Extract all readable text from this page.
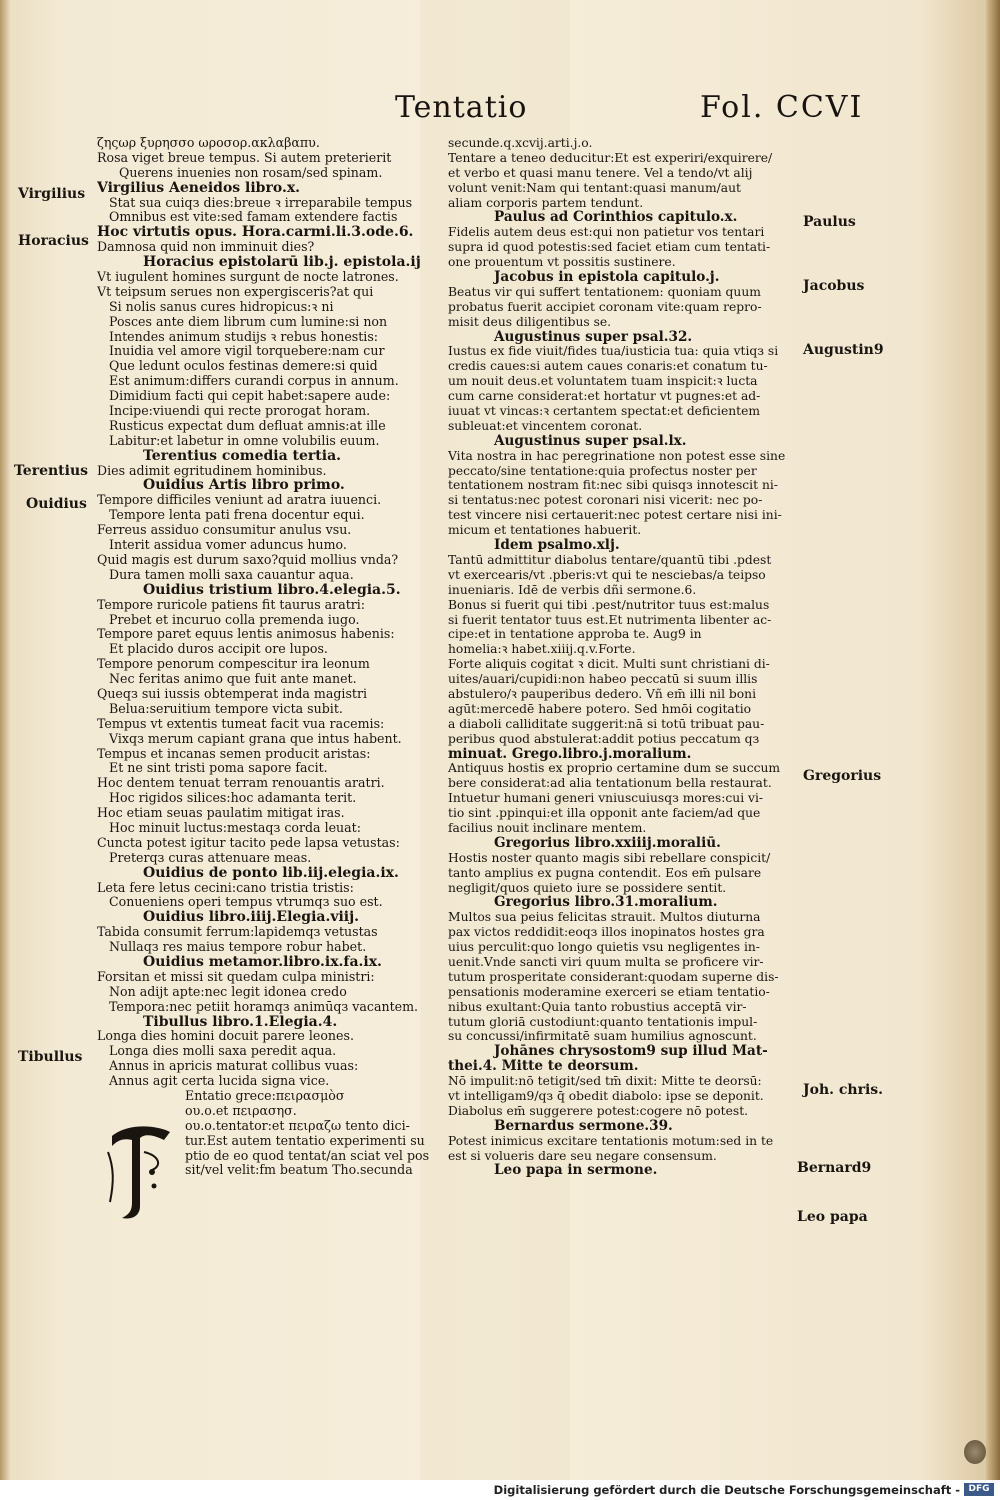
Tentatio	Fol. CCVI
ζηςωρ ξυρησσο ωροσορ.ακλαβαπυ.
Rosa viget breue tempus. Si autem preterierit
Querens inuenies non rosam/sed spinam.
Virgilius Aeneidos libro.x.
Stat sua cuiqз dies:breue ꝛ irreparabile tempus
Omnibus est vite:sed famam extendere factis
Hoc virtutis opus. Hora.carmi.li.3.ode.6.
Damnosa quid non imminuit dies?
Horacius epistolarū lib.j. epistola.ij
Vt iugulent homines surgunt de nocte latrones.
Vt teipsum serues non expergisceris?at qui
Si nolis sanus cures hidropicus:ꝛ ni
Posces ante diem librum cum lumine:si non
Intendes animum studijs ꝛ rebus honestis:
Inuidia vel amore vigil torquebere:nam cur
Que ledunt oculos festinas demere:si quid
Est animum:differs curandi corpus in annum.
Dimidium facti qui cepit habet:sapere aude:
Incipe:viuendi qui recte prorogat horam.
Rusticus expectat dum defluat amnis:at ille
Labitur:et labetur in omne volubilis euum.
Terentius comedia tertia.
Dies adimit egritudinem hominibus.
Ouidius Artis libro primo.
Tempore difficiles veniunt ad aratra iuuenci.
Tempore lenta pati frena docentur equi.
Ferreus assiduo consumitur anulus vsu.
Interit assidua vomer aduncus humo.
Quid magis est durum saxo?quid mollius vnda?
Dura tamen molli saxa cauantur aqua.
Ouidius tristium libro.4.elegia.5.
Tempore ruricole patiens fit taurus aratri:
Prebet et incuruo colla premenda iugo.
Tempore paret equus lentis animosus habenis:
Et placido duros accipit ore lupos.
Tempore penorum compescitur ira leonum
Nec feritas animo que fuit ante manet.
Queqз sui iussis obtemperat inda magistri
Belua:seruitium tempore victa subit.
Tempus vt extentis tumeat facit vua racemis:
Vixqз merum capiant grana que intus habent.
Tempus et incanas semen producit aristas:
Et ne sint tristi poma sapore facit.
Hoc dentem tenuat terram renouantis aratri.
Hoc rigidos silices:hoc adamanta terit.
Hoc etiam seuas paulatim mitigat iras.
Hoc minuit luctus:mestaqз corda leuat:
Cuncta potest igitur tacito pede lapsa vetustas:
Preterqз curas attenuare meas.
Ouidius de ponto lib.iij.elegia.ix.
Leta fere letus cecini:cano tristia tristis:
Conueniens operi tempus vtrumqз suo est.
Ouidius libro.iiij.Elegia.viij.
Tabida consumit ferrum:lapidemqз vetustas
Nullaqз res maius tempore robur habet.
Ouidius metamor.libro.ix.fa.ix.
Forsitan et missi sit quedam culpa ministri:
Non adijt apte:nec legit idonea credo
Tempora:nec petiit horamqз animūqз vacantem.
Tibullus libro.1.Elegia.4.
Longa dies homini docuit parere leones.
Longa dies molli saxa peredit aqua.
Annus in apricis maturat collibus vuas:
Annus agit certa lucida signa vice.
Entatio grece:πειρασμὸσ
ου.ο.et πειρασησ.
ου.ο.tentator:et πειραζω tento dici-
tur.Est autem tentatio experimenti su
ptio de eo quod tentat/an sciat vel pos
sit/vel velit:fm beatum Tho.secunda
secunde.q.xcvij.arti.j.o.
Tentare a teneo deducitur:Et est experiri/exquirere/
et verbo et quasi manu tenere. Vel a tendo/vt alij
volunt venit:Nam qui tentant:quasi manum/aut
aliam corporis partem tendunt.
Paulus ad Corinthios capitulo.x.
Fidelis autem deus est:qui non patietur vos tentari
supra id quod potestis:sed faciet etiam cum tentati-
one prouentum vt possitis sustinere.
Jacobus in epistola capitulo.j.
Beatus vir qui suffert tentationem: quoniam quum
probatus fuerit accipiet coronam vite:quam repro-
misit deus diligentibus se.
Augustinus super psal.32.
Iustus ex fide viuit/fides tua/iusticia tua: quia vtiqз si
credis caues:si autem caues conaris:et conatum tu-
um nouit deus.et voluntatem tuam inspicit:ꝛ lucta
cum carne considerat:et hortatur vt pugnes:et ad-
iuuat vt vincas:ꝛ certantem spectat:et deficientem
subleuat:et vincentem coronat.
Augustinus super psal.lx.
Vita nostra in hac peregrinatione non potest esse sine
peccato/sine tentatione:quia profectus noster per
tentationem nostram fit:nec sibi quisqз innotescit ni-
si tentatus:nec potest coronari nisi vicerit: nec po-
test vincere nisi certauerit:nec potest certare nisi ini-
micum et tentationes habuerit.
Idem psalmo.xlj.
Tantū admittitur diabolus tentare/quantū tibi .pdest
vt exercearis/vt .pberis:vt qui te nesciebas/a teipso
inueniaris. Idē de verbis dñi sermone.6.
Bonus si fuerit qui tibi .pest/nutritor tuus est:malus
si fuerit tentator tuus est.Et nutrimenta libenter ac-
cipe:et in tentatione approba te. Aug9 in
homelia:ꝛ habet.xiiij.q.v.Forte.
Forte aliquis cogitat ꝛ dicit. Multi sunt christiani di-
uites/auari/cupidi:non habeo peccatū si suum illis
abstulero/ꝛ pauperibus dedero. Vñ em̄ illi nil boni
agūt:mercedē habere potero. Sed hmōi cogitatio
a diaboli calliditate suggerit:nā si totū tribuat pau-
peribus quod abstulerat:addit potius peccatum qз
minuat. Grego.libro.j.moralium.
Antiquus hostis ex proprio certamine dum se succum
bere considerat:ad alia tentationum bella restaurat.
Intuetur humani generi vniuscuiusqз mores:cui vi-
tio sint .ppinqui:et illa opponit ante faciem/ad que
facilius nouit inclinare mentem.
Gregorius libro.xxiiij.moraliū.
Hostis noster quanto magis sibi rebellare conspicit/
tanto amplius ex pugna contendit. Eos em̄ pulsare
negligit/quos quieto iure se possidere sentit.
Gregorius libro.31.moralium.
Multos sua peius felicitas strauit. Multos diuturna
pax victos reddidit:eoqз illos inopinatos hostes gra
uius perculit:quo longo quietis vsu negligentes in-
uenit.Vnde sancti viri quum multa se proficere vir-
tutum prosperitate considerant:quodam superne dis-
pensationis moderamine exerceri se etiam tentatio-
nibus exultant:Quia tanto robustius acceptā vir-
tutum gloriā custodiunt:quanto tentationis impul-
su concussi/infirmitatē suam humilius agnoscunt.
Johānes chrysostom9 sup illud Mat-
thei.4. Mitte te deorsum.
Nō impulit:nō tetigit/sed tm̄ dixit: Mitte te deorsū:
vt intelligam9/qз q̄ obedit diabolo: ipse se deponit.
Diabolus em̄ suggerere potest:cogere nō potest.
Bernardus sermone.39.
Potest inimicus excitare tentationis motum:sed in te
est si volueris dare seu negare consensum.
Leo papa in sermone.
Virgilius
Horacius
Terentius
Ouidius
Tibullus
Paulus
Jacobus
Augustin9
Gregorius
Joh. chris.
Bernard9
Leo papa
Digitalisierung gefördert durch die Deutsche Forschungsgemeinschaft - DFG
